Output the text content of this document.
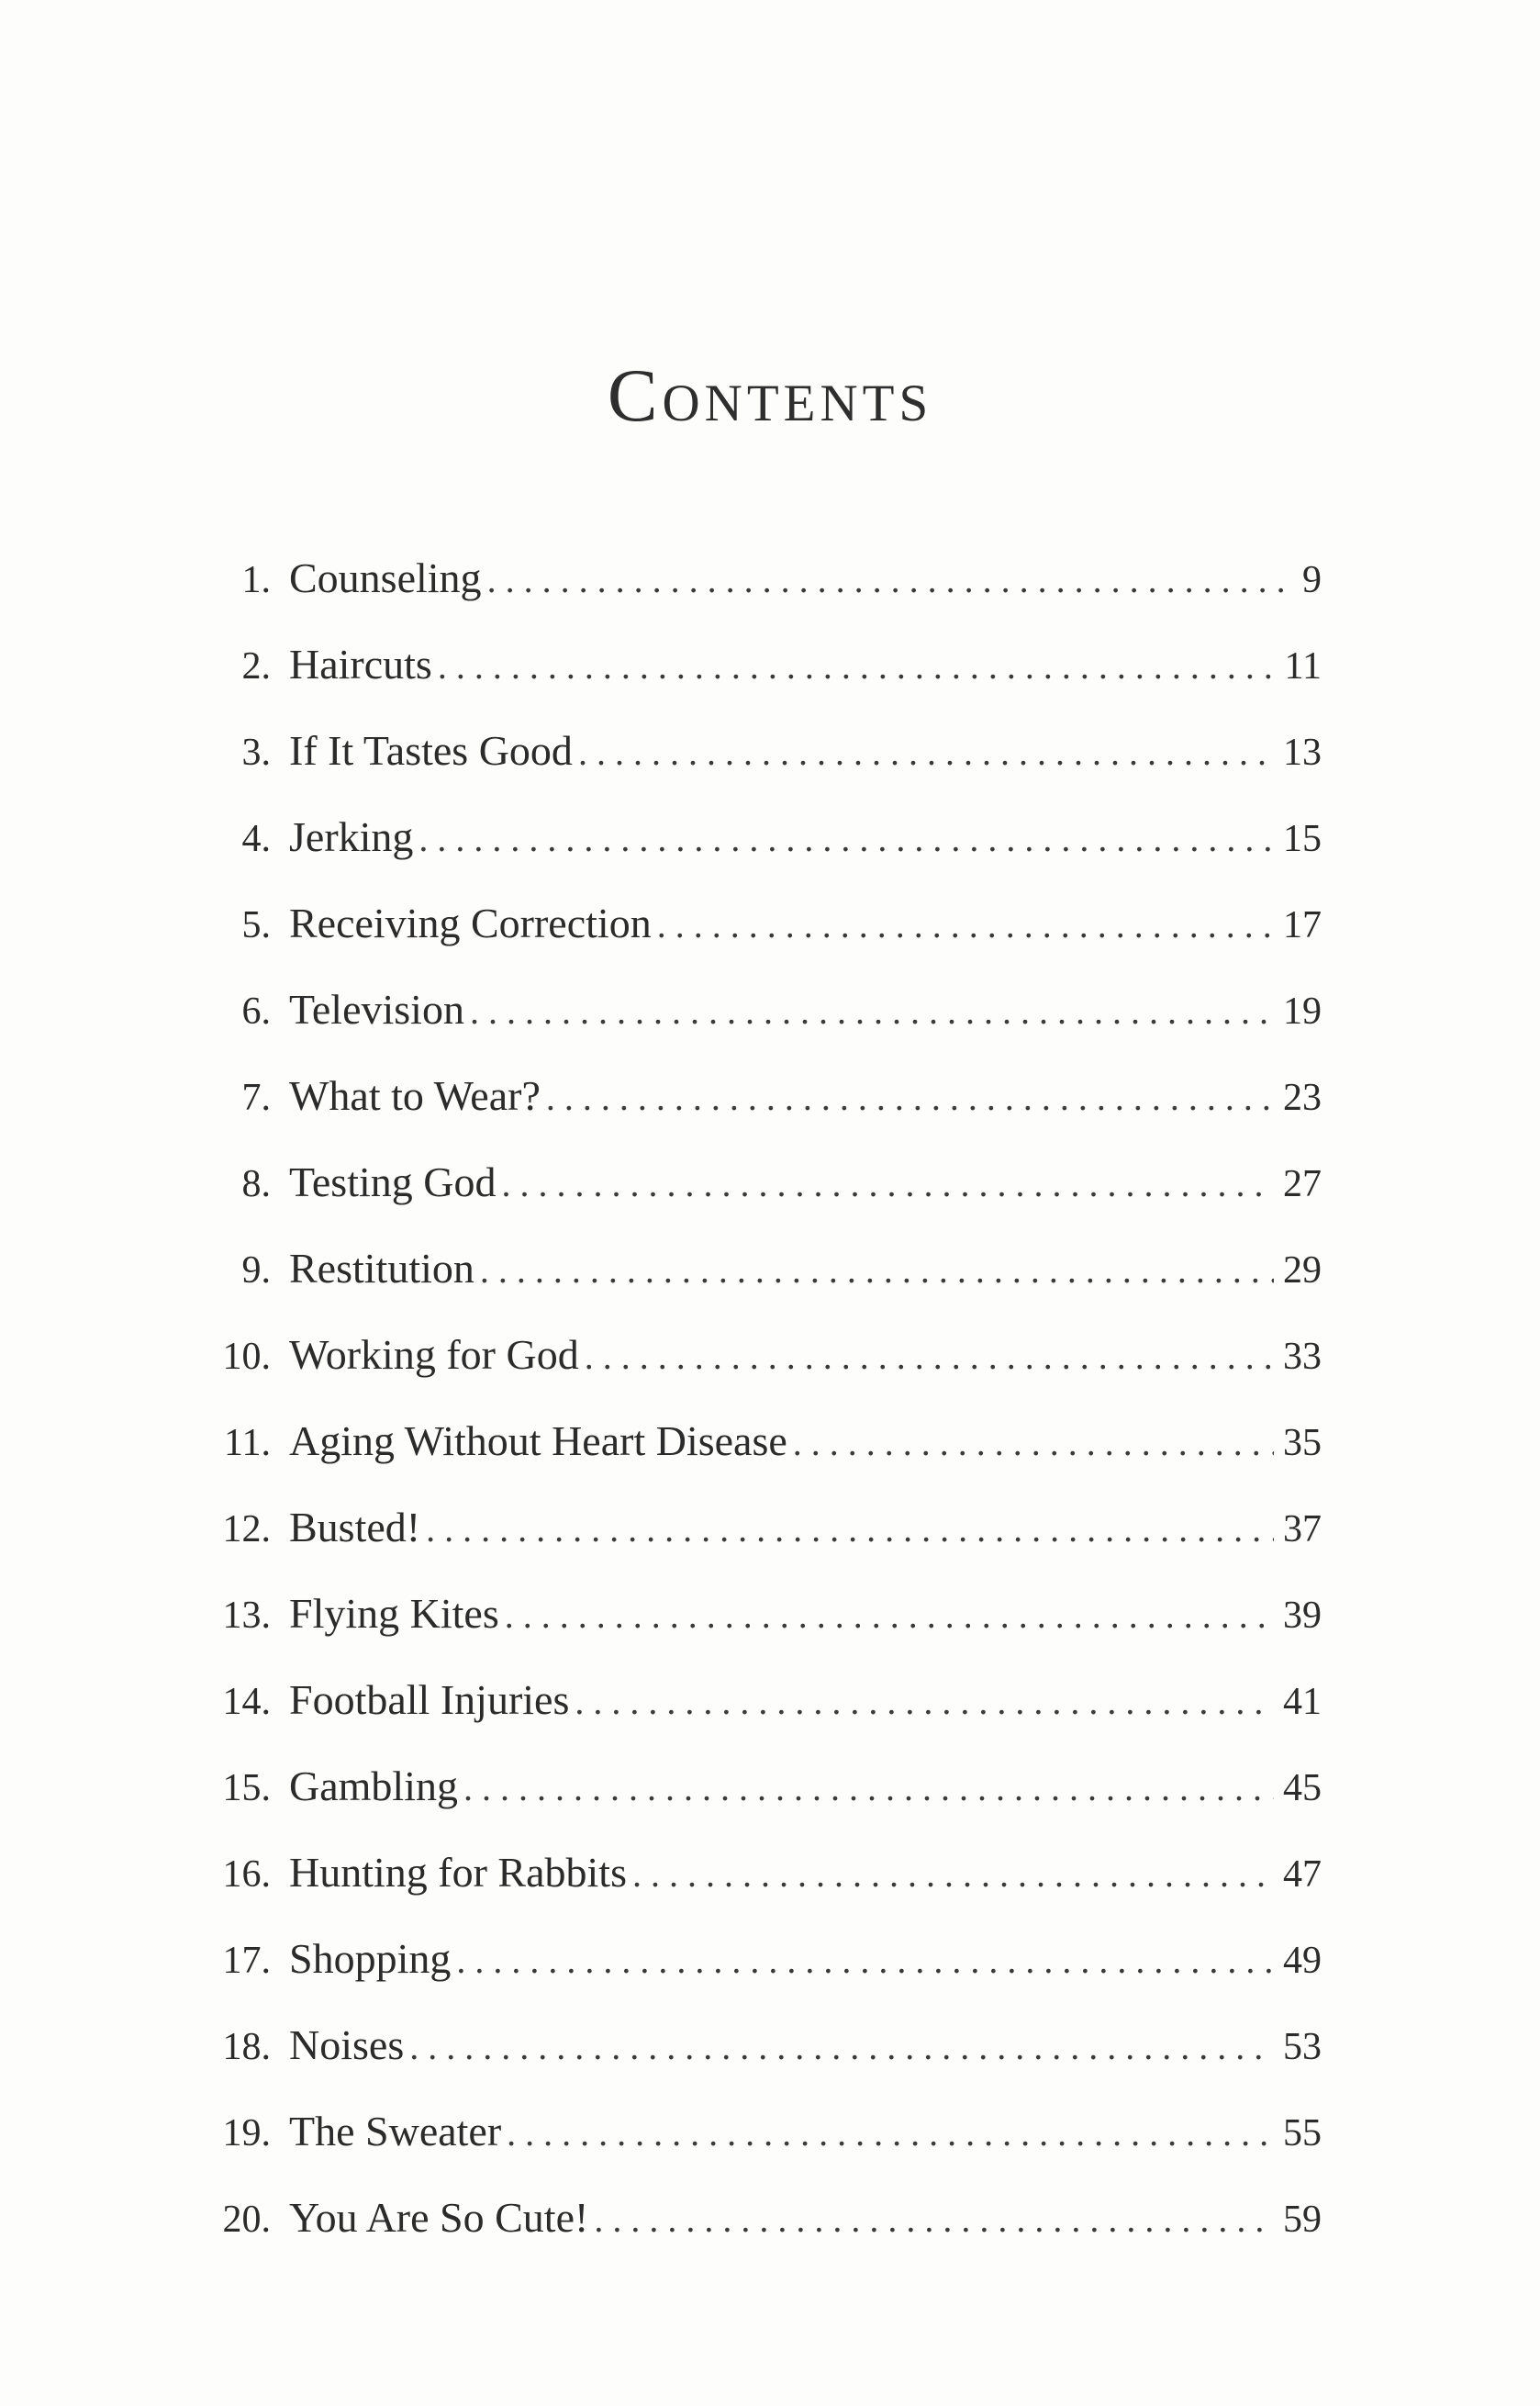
Contents
1. Counseling . . .	9
2. Haircuts . . .	11
3. If It Tastes Good . . .	13
4. Jerking . . .	15
5. Receiving Correction . . .	17
6. Television . . .	19
7. What to Wear? . . .	23
8. Testing God . . .	27
9. Restitution . . .	29
10. Working for God . . .	33
11. Aging Without Heart Disease . . .	35
12. Busted! . . .	37
13. Flying Kites . . .	39
14. Football Injuries . . .	41
15. Gambling . . .	45
16. Hunting for Rabbits . . .	47
17. Shopping . . .	49
18. Noises . . .	53
19. The Sweater . . .	55
20. You Are So Cute! . . .	59
